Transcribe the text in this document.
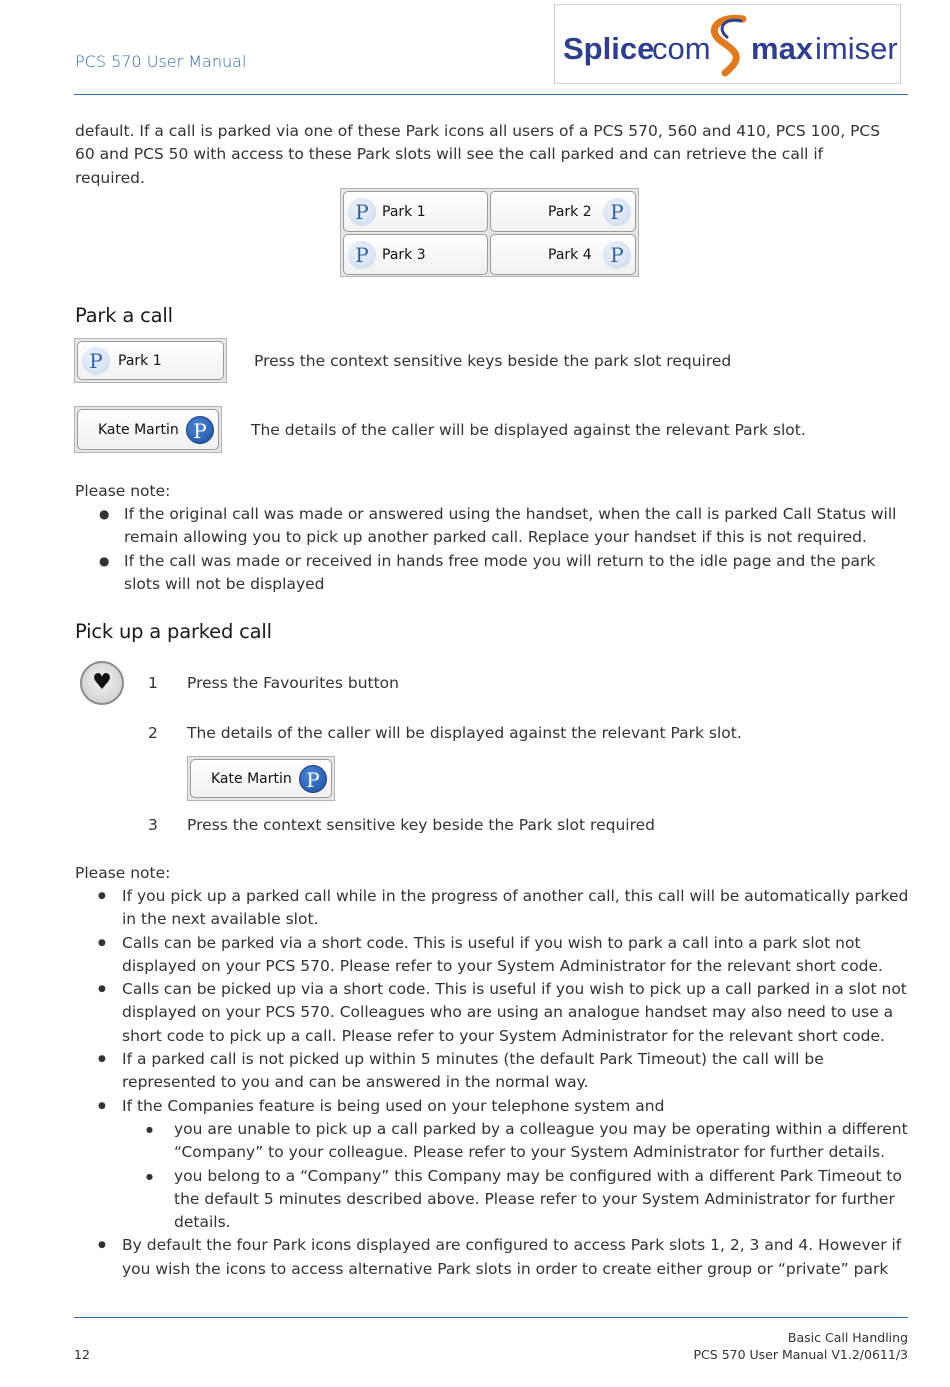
PCS 570 User Manual	Splice
com max imiser
default. If a call is parked via one of these Park icons all users of a PCS 570, 560 and 410, PCS 100, PCS 60 and PCS 50 with access to these Park slots will see the call parked and can retrieve the call if required.
P Park 1	Park 2 P
P Park 3	Park 4 P
Park a call
P	Park 1	Press the context sensitive keys beside the park slot required
Kate Martin P	The details of the caller will be displayed against the relevant Park slot.
Please note:
● If the original call was made or answered using the handset, when the call is parked Call Status will remain allowing you to pick up another parked call. Replace your handset if this is not required.
● If the call was made or received in hands free mode you will return to the idle page and the park slots will not be displayed
Pick up a parked call
♥	1 Press the Favourites button
2 The details of the caller will be displayed against the relevant Park slot.
Kate Martin P
3 Press the context sensitive key beside the Park slot required
Please note:
● If you pick up a parked call while in the progress of another call, this call will be automatically parked in the next available slot.
● Calls can be parked via a short code. This is useful if you wish to park a call into a park slot not displayed on your PCS 570. Please refer to your System Administrator for the relevant short code.
● Calls can be picked up via a short code. This is useful if you wish to pick up a call parked in a slot not displayed on your PCS 570. Colleagues who are using an analogue handset may also need to use a short code to pick up a call. Please refer to your System Administrator for the relevant short code.
● If a parked call is not picked up within 5 minutes (the default Park Timeout) the call will be represented to you and can be answered in the normal way.
● If the Companies feature is being used on your telephone system and
● you are unable to pick up a call parked by a colleague you may be operating within a different “Company” to your colleague. Please refer to your System Administrator for further details.
● you belong to a “Company” this Company may be configured with a different Park Timeout to the default 5 minutes described above. Please refer to your System Administrator for further details.
● By default the four Park icons displayed are configured to access Park slots 1, 2, 3 and 4. However if you wish the icons to access alternative Park slots in order to create either group or “private” park
12
Basic Call Handling
PCS 570 User Manual V1.2/0611/3
